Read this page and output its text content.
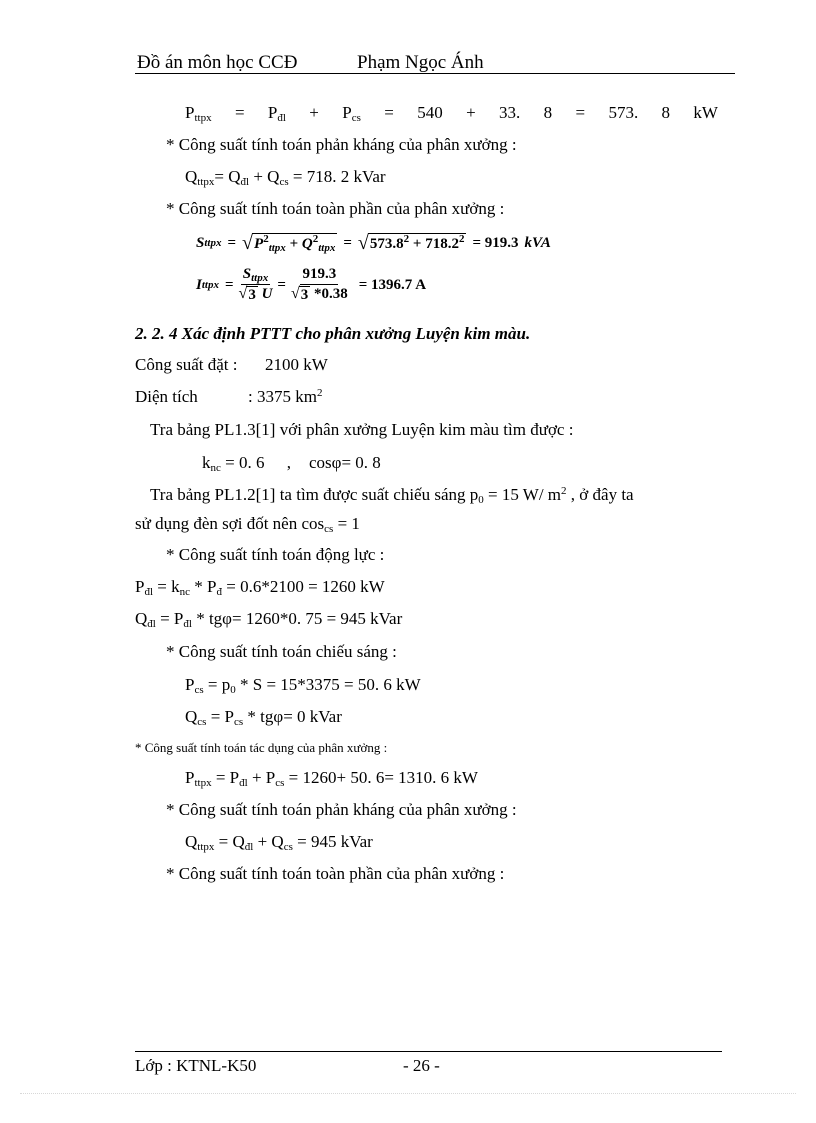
Đồ án môn học CCĐ	Phạm Ngọc Ánh
$P_{ttpx} = P_{đl} + P_{cs} = 540 + 33$. 8 = 573. 8 kW
* Công suất tính toán phản kháng của phân xưởng :
$Q_{ttpx}= Q_{đl} + Q_{cs} = 718$. 2 kVar
* Công suất tính toán toàn phần của phân xưởng :
S ttpx = √ $P^2_{ttpx} + Q^2_{ttpx}$ = √ $573.8^2 + 718.2^2 = 919.3$ kVA
I ttpx = $\frac{S_{ttpx}}{√ 3 U} = \frac{919.3}{√ 3 *0.38} = 1396.7$ A
2. 2. 4 Xác định PTTT cho phân xưởng Luyện kim màu.
Công suất đặt : 2100 kW
Diện tích	: 3375 $km^2$
Tra bảng PL1.3[1] với phân xưởng Luyện kim màu tìm được :
$k_{nc} = 0$. 6 , cosφ= 0. 8
Tra bảng PL1.2[1] ta tìm được suất chiếu sáng $p_0 = 15$ W/ $m^2$ , ở đây ta
sử dụng đèn sợi đốt nên $\cos_{cs} = 1$
* Công suất tính toán động lực :
$P_{đl} = k_{nc} * P_đ = 0.6*2100 = 1260$ kW
$Q_{đl} = P_{đl} * tg\varphi= 1260*0$. 75 = 945 kVar
* Công suất tính toán chiếu sáng :
$P_{cs} = p_0 * S = 15*3375 = 50$. 6 kW
$Q_{cs} = P_{cs} * tg\varphi= 0$ kVar
* Công suất tính toán tác dụng của phân xưởng :
$P_{ttpx} = P_{đl} + P_{cs} = 1260+ 50$. 6= 1310. 6 kW
* Công suất tính toán phản kháng của phân xưởng :
$Q_{ttpx} = Q_{đl} + Q_{cs} = 945$ kVar
* Công suất tính toán toàn phần của phân xưởng :
Lớp : KTNL-K50	- 26 -
